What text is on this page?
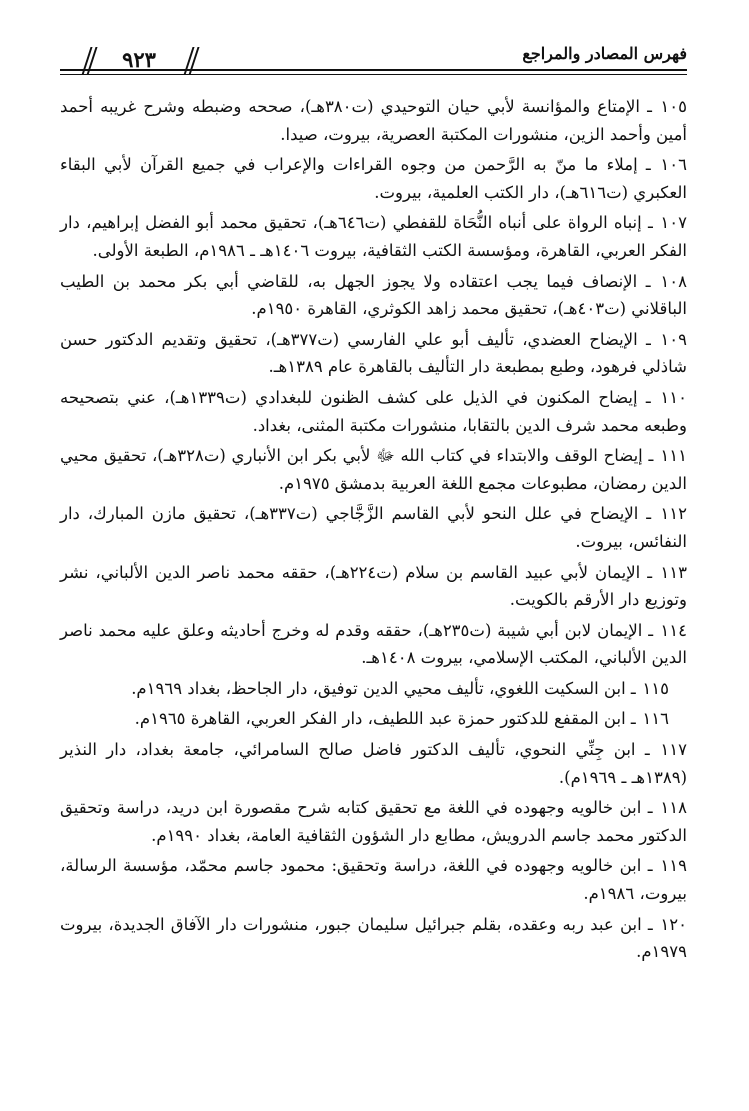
٩٢٣	فهرس المصادر والمراجع
١٠٥ ـ الإمتاع والمؤانسة لأبي حيان التوحيدي (ت٣٨٠هـ)، صححه وضبطه وشرح غريبه أحمد أمين وأحمد الزين، منشورات المكتبة العصرية، بيروت، صيدا.
١٠٦ ـ إملاء ما منّ به الرَّحمن من وجوه القراءات والإعراب في جميع القرآن لأبي البقاء العكبري (ت٦١٦هـ)، دار الكتب العلمية، بيروت.
١٠٧ ـ إنباه الرواة على أنباه النُّحَاة للقفطي (ت٦٤٦هـ)، تحقيق محمد أبو الفضل إبراهيم، دار الفكر العربي، القاهرة، ومؤسسة الكتب الثقافية، بيروت ١٤٠٦هـ ـ ١٩٨٦م، الطبعة الأولى.
١٠٨ ـ الإنصاف فيما يجب اعتقاده ولا يجوز الجهل به، للقاضي أبي بكر محمد بن الطيب الباقلاني (ت٤٠٣هـ)، تحقيق محمد زاهد الكوثري، القاهرة ١٩٥٠م.
١٠٩ ـ الإيضاح العضدي، تأليف أبو علي الفارسي (ت٣٧٧هـ)، تحقيق وتقديم الدكتور حسن شاذلي فرهود، وطبع بمطبعة دار التأليف بالقاهرة عام ١٣٨٩هـ.
١١٠ ـ إيضاح المكنون في الذيل على كشف الظنون للبغدادي (ت١٣٣٩هـ)، عني بتصحيحه وطبعه محمد شرف الدين بالتقابا، منشورات مكتبة المثنى، بغداد.
١١١ ـ إيضاح الوقف والابتداء في كتاب الله ﷻ لأبي بكر ابن الأنباري (ت٣٢٨هـ)، تحقيق محيي الدين رمضان، مطبوعات مجمع اللغة العربية بدمشق ١٩٧٥م.
١١٢ ـ الإيضاح في علل النحو لأبي القاسم الزَّجَّاجي (ت٣٣٧هـ)، تحقيق مازن المبارك، دار النفائس، بيروت.
١١٣ ـ الإيمان لأبي عبيد القاسم بن سلام (ت٢٢٤هـ)، حققه محمد ناصر الدين الألباني، نشر وتوزيع دار الأرقم بالكويت.
١١٤ ـ الإيمان لابن أبي شيبة (ت٢٣٥هـ)، حققه وقدم له وخرج أحاديثه وعلق عليه محمد ناصر الدين الألباني، المكتب الإسلامي، بيروت ١٤٠٨هـ.
١١٥ ـ ابن السكيت اللغوي، تأليف محيي الدين توفيق، دار الجاحظ، بغداد ١٩٦٩م.
١١٦ ـ ابن المقفع للدكتور حمزة عبد اللطيف، دار الفكر العربي، القاهرة ١٩٦٥م.
١١٧ ـ ابن جِنِّي النحوي، تأليف الدكتور فاضل صالح السامرائي، جامعة بغداد، دار النذير (١٣٨٩هـ ـ ١٩٦٩م).
١١٨ ـ ابن خالويه وجهوده في اللغة مع تحقيق كتابه شرح مقصورة ابن دريد، دراسة وتحقيق الدكتور محمد جاسم الدرويش، مطابع دار الشؤون الثقافية العامة، بغداد ١٩٩٠م.
١١٩ ـ ابن خالويه وجهوده في اللغة، دراسة وتحقيق: محمود جاسم محمّد، مؤسسة الرسالة، بيروت، ١٩٨٦م.
١٢٠ ـ ابن عبد ربه وعقده، بقلم جبرائيل سليمان جبور، منشورات دار الآفاق الجديدة، بيروت ١٩٧٩م.
